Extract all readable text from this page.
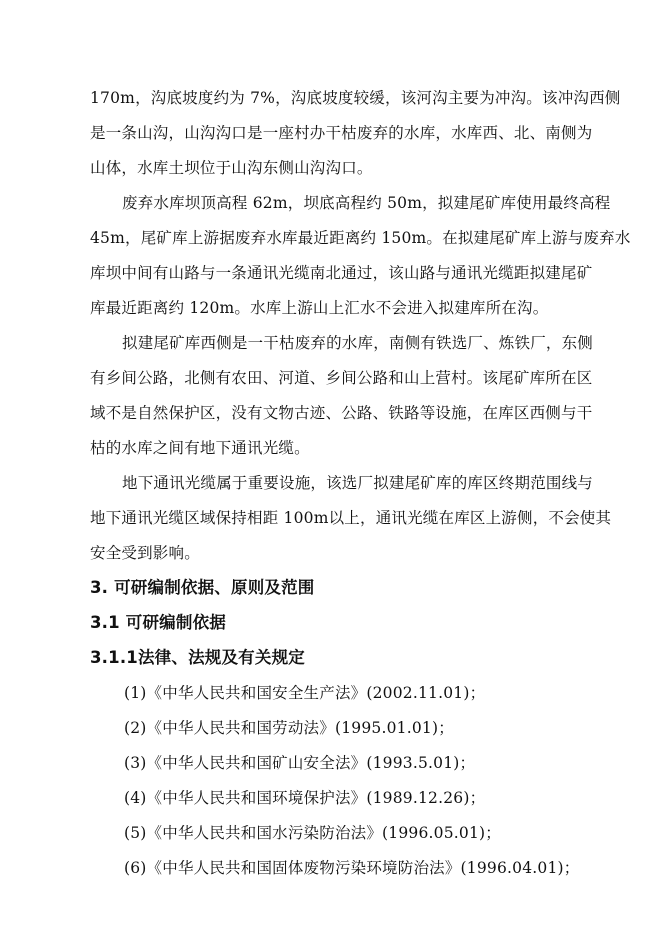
170m，沟底坡度约为 7%，沟底坡度较缓，该河沟主要为冲沟。该冲沟西侧
是一条山沟，山沟沟口是一座村办干枯废弃的水库，水库西、北、南侧为
山体，水库土坝位于山沟东侧山沟沟口。
废弃水库坝顶高程 62m，坝底高程约 50m，拟建尾矿库使用最终高程
45m，尾矿库上游据废弃水库最近距离约 150m。在拟建尾矿库上游与废弃水
库坝中间有山路与一条通讯光缆南北通过，该山路与通讯光缆距拟建尾矿
库最近距离约 120m。水库上游山上汇水不会进入拟建库所在沟。
拟建尾矿库西侧是一干枯废弃的水库，南侧有铁选厂、炼铁厂，东侧
有乡间公路，北侧有农田、河道、乡间公路和山上营村。该尾矿库所在区
域不是自然保护区，没有文物古迹、公路、铁路等设施，在库区西侧与干
枯的水库之间有地下通讯光缆。
地下通讯光缆属于重要设施，该选厂拟建尾矿库的库区终期范围线与
地下通讯光缆区域保持相距 100m以上，通讯光缆在库区上游侧，不会使其
安全受到影响。
3. 可研编制依据、原则及范围
3.1 可研编制依据
3.1.1法律、法规及有关规定
(1)《中华人民共和国安全生产法》(2002.11.01)；
(2)《中华人民共和国劳动法》(1995.01.01)；
(3)《中华人民共和国矿山安全法》(1993.5.01)；
(4)《中华人民共和国环境保护法》(1989.12.26)；
(5)《中华人民共和国水污染防治法》(1996.05.01)；
(6)《中华人民共和国固体废物污染环境防治法》(1996.04.01)；
